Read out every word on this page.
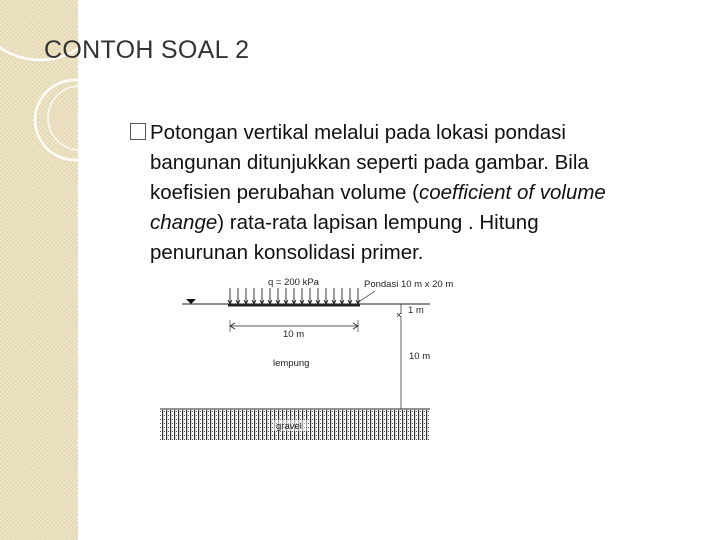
CONTOH SOAL 2
Potongan vertikal melalui pada lokasi pondasi
bangunan ditunjukkan seperti pada gambar. Bila
koefisien perubahan volume (coefficient of volume
change) rata-rata lapisan lempung . Hitung
penurunan konsolidasi primer.
q = 200 kPa	Pondasi 10 m x 20 m
× 1 m
10 m
10 m
lempung
gravel
